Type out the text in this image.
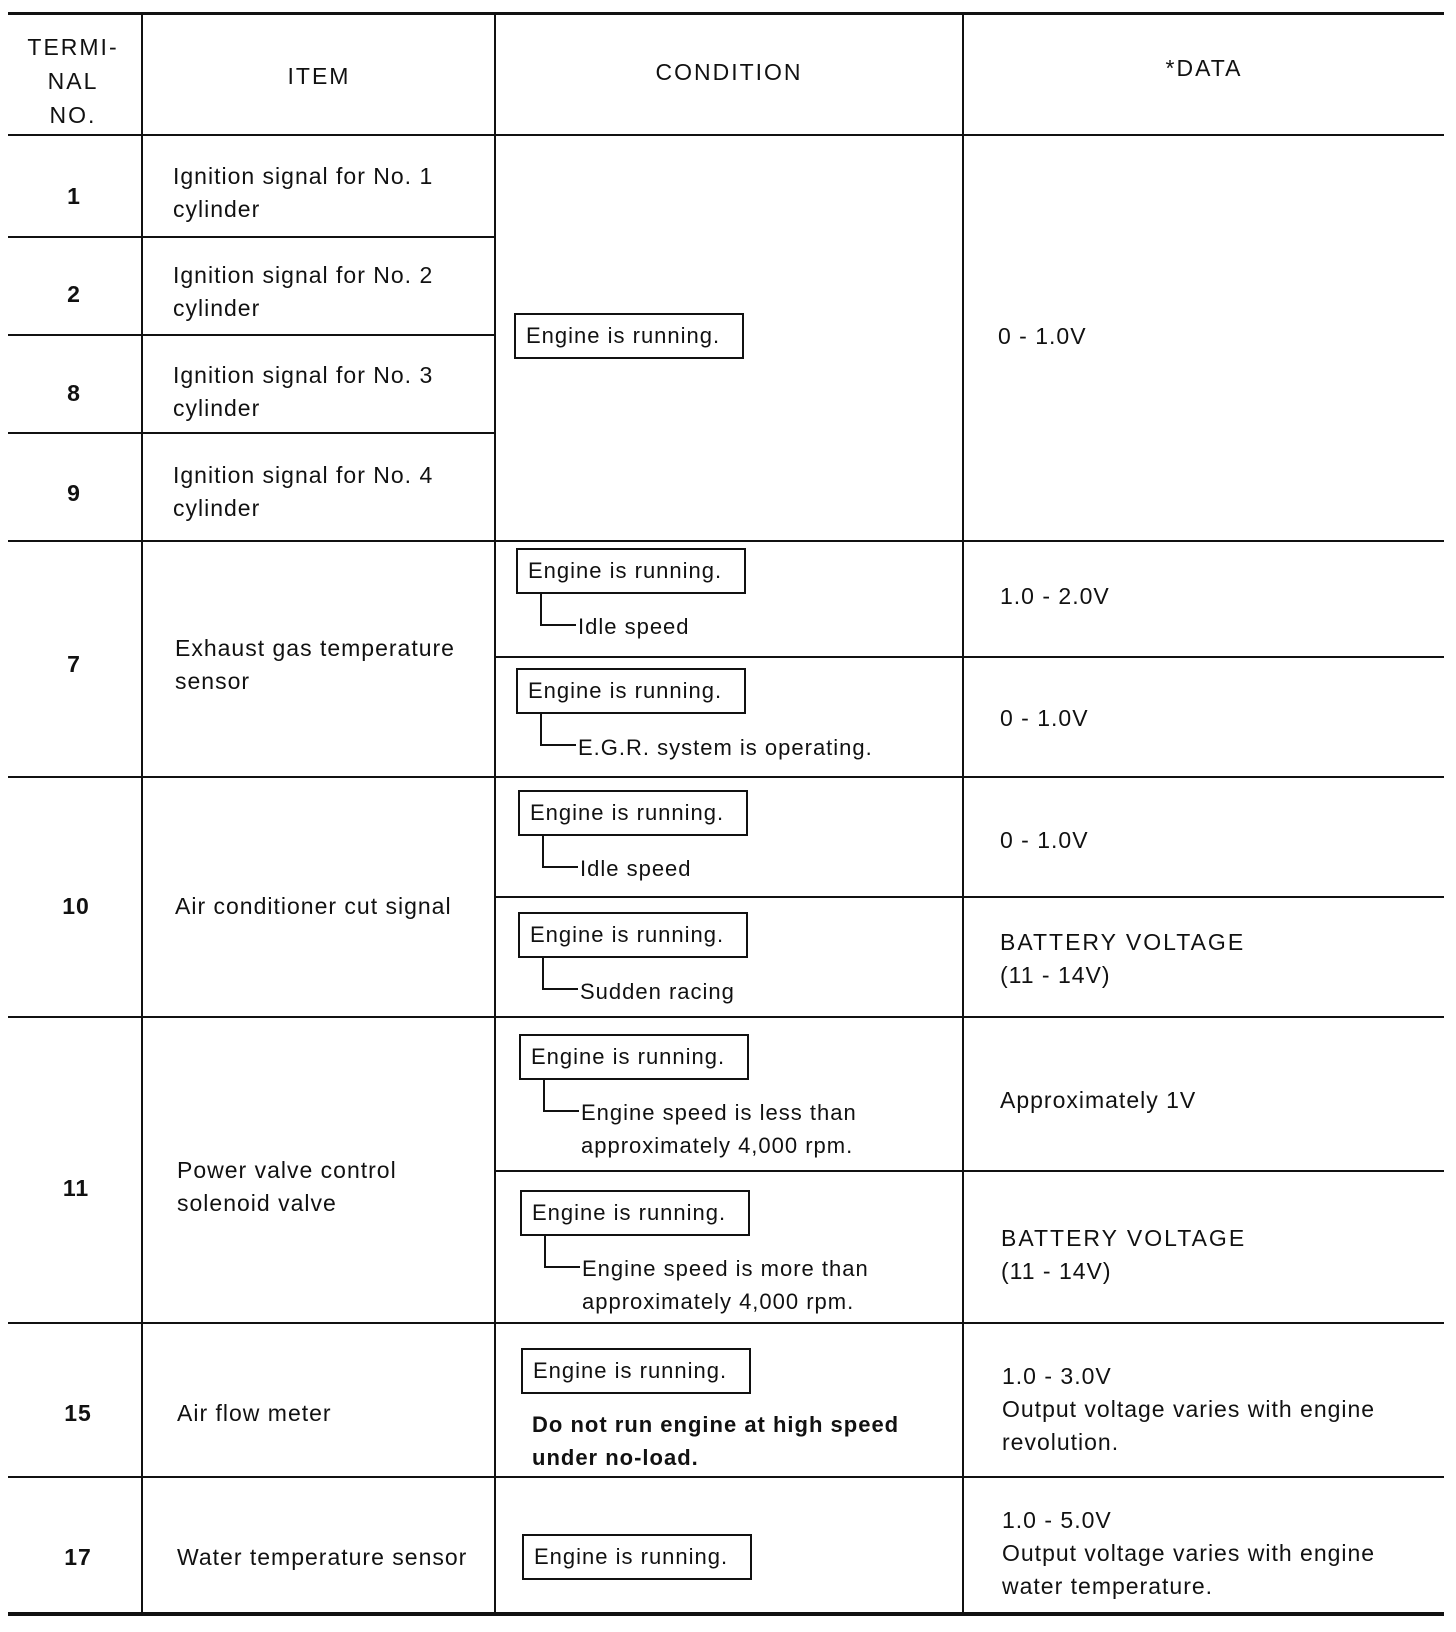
TERMI-
NAL
NO.
ITEM	CONDITION	*DATA
1
2
8
9
7
10
11
15
17
Ignition signal for No. 1
cylinder
Ignition signal for No. 2
cylinder
Ignition signal for No. 3
cylinder
Ignition signal for No. 4
cylinder
Exhaust gas temperature
sensor
Air conditioner cut signal
Power valve control
solenoid valve
Air flow meter
Water temperature sensor
Engine is running.
Engine is running.
Idle speed
Engine is running.
E.G.R. system is operating.
Engine is running.
Idle speed
Engine is running.
Sudden racing
Engine is running.
Engine speed is less than
approximately 4,000 rpm.
Engine is running.
Engine speed is more than
approximately 4,000 rpm.
Engine is running.
Do not run engine at high speed
under no-load.
Engine is running.
0 - 1.0V
1.0 - 2.0V
0 - 1.0V
0 - 1.0V
BATTERY VOLTAGE
(11 - 14V)
Approximately 1V
BATTERY VOLTAGE
(11 - 14V)
1.0 - 3.0V
Output voltage varies with engine
revolution.
1.0 - 5.0V
Output voltage varies with engine
water temperature.
